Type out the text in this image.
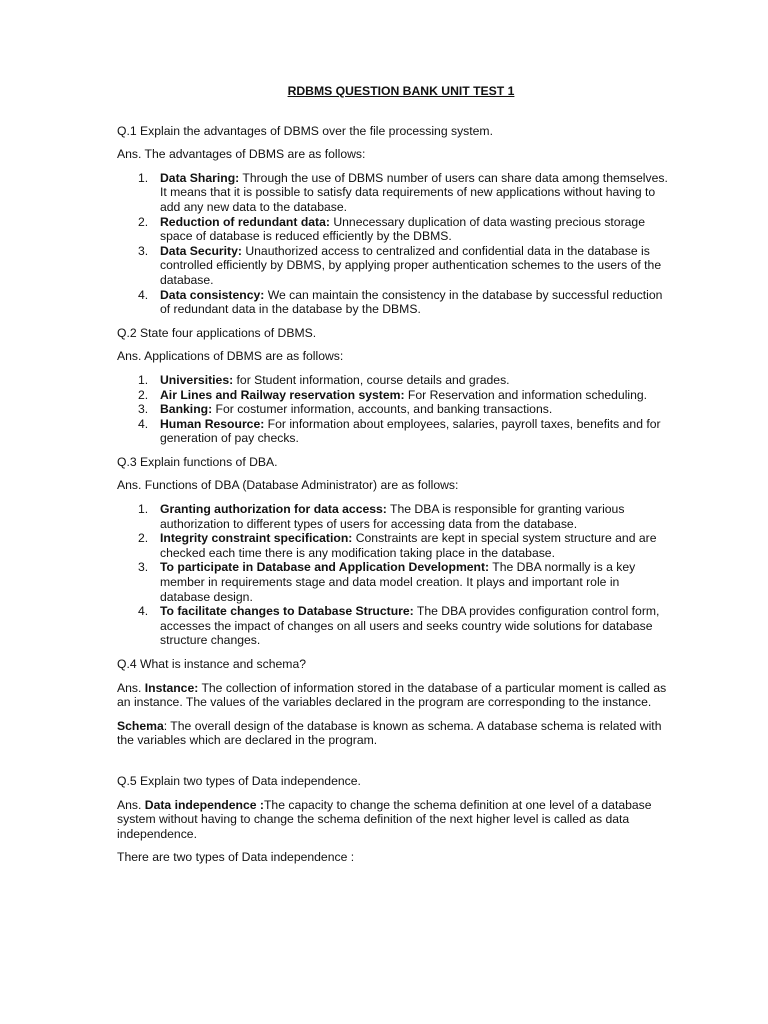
RDBMS QUESTION BANK UNIT TEST 1

Q.1 Explain the advantages of DBMS over the file processing system.

Ans. The advantages of DBMS are as follows:

1. Data Sharing: Through the use of DBMS number of users can share data among themselves. It means that it is possible to satisfy data requirements of new applications without having to add any new data to the database.
2. Reduction of redundant data: Unnecessary duplication of data wasting precious storage space of database is reduced efficiently by the DBMS.
3. Data Security: Unauthorized access to centralized and confidential data in the database is controlled efficiently by DBMS, by applying proper authentication schemes to the users of the database.
4. Data consistency: We can maintain the consistency in the database by successful reduction of redundant data in the database by the DBMS.

Q.2 State four applications of DBMS.

Ans. Applications of DBMS are as follows:

1. Universities: for Student information, course details and grades.
2. Air Lines and Railway reservation system: For Reservation and information scheduling.
3. Banking: For costumer information, accounts, and banking transactions.
4. Human Resource: For information about employees, salaries, payroll taxes, benefits and for generation of pay checks.

Q.3 Explain functions of DBA.

Ans. Functions of DBA (Database Administrator) are as follows:

1. Granting authorization for data access: The DBA is responsible for granting various authorization to different types of users for accessing data from the database.
2. Integrity constraint specification: Constraints are kept in special system structure and are checked each time there is any modification taking place in the database.
3. To participate in Database and Application Development: The DBA normally is a key member in requirements stage and data model creation. It plays and important role in database design.
4. To facilitate changes to Database Structure: The DBA provides configuration control form, accesses the impact of changes on all users and seeks country wide solutions for database structure changes.

Q.4 What is instance and schema?

Ans. Instance: The collection of information stored in the database of a particular moment is called as an instance. The values of the variables declared in the program are corresponding to the instance.

Schema: The overall design of the database is known as schema. A database schema is related with the variables which are declared in the program.

Q.5 Explain two types of Data independence.

Ans. Data independence :The capacity to change the schema definition at one level of a database system without having to change the schema definition of the next higher level is called as data independence.

There are two types of Data independence :
